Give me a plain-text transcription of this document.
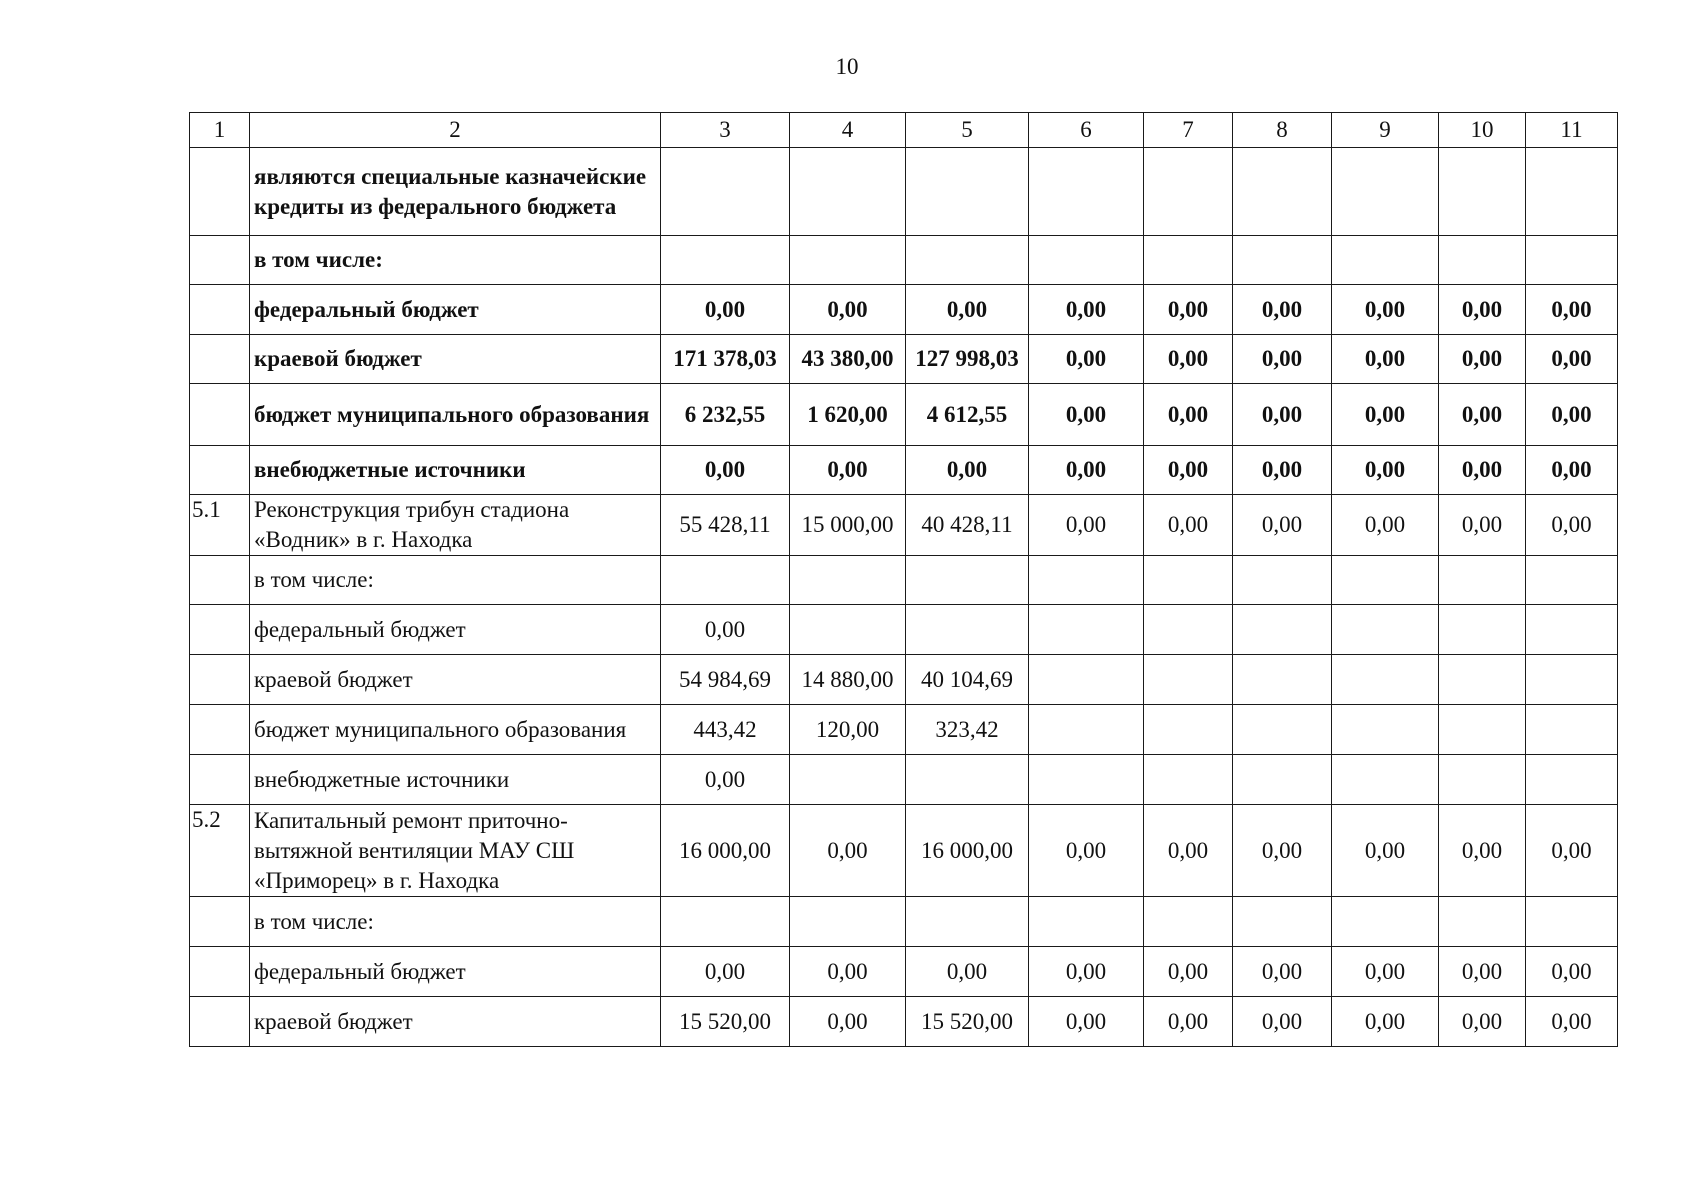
10
1	2	3	4	5	6	7	8	9	10	11
	являются специальные казначейские кредиты из федерального бюджета									
	в том числе:									
	федеральный бюджет	0,00	0,00	0,00	0,00	0,00	0,00	0,00	0,00	0,00
	краевой бюджет	171 378,03	43 380,00	127 998,03	0,00	0,00	0,00	0,00	0,00	0,00
	бюджет муниципального образования	6 232,55	1 620,00	4 612,55	0,00	0,00	0,00	0,00	0,00	0,00
	внебюджетные источники	0,00	0,00	0,00	0,00	0,00	0,00	0,00	0,00	0,00
5.1	Реконструкция трибун стадиона «Водник» в г. Находка	55 428,11	15 000,00	40 428,11	0,00	0,00	0,00	0,00	0,00	0,00
	в том числе:									
	федеральный бюджет	0,00								
	краевой бюджет	54 984,69	14 880,00	40 104,69						
	бюджет муниципального образования	443,42	120,00	323,42						
	внебюджетные источники	0,00								
5.2	Капитальный ремонт приточно-вытяжной вентиляции МАУ СШ «Приморец» в г. Находка	16 000,00	0,00	16 000,00	0,00	0,00	0,00	0,00	0,00	0,00
	в том числе:									
	федеральный бюджет	0,00	0,00	0,00	0,00	0,00	0,00	0,00	0,00	0,00
	краевой бюджет	15 520,00	0,00	15 520,00	0,00	0,00	0,00	0,00	0,00	0,00
